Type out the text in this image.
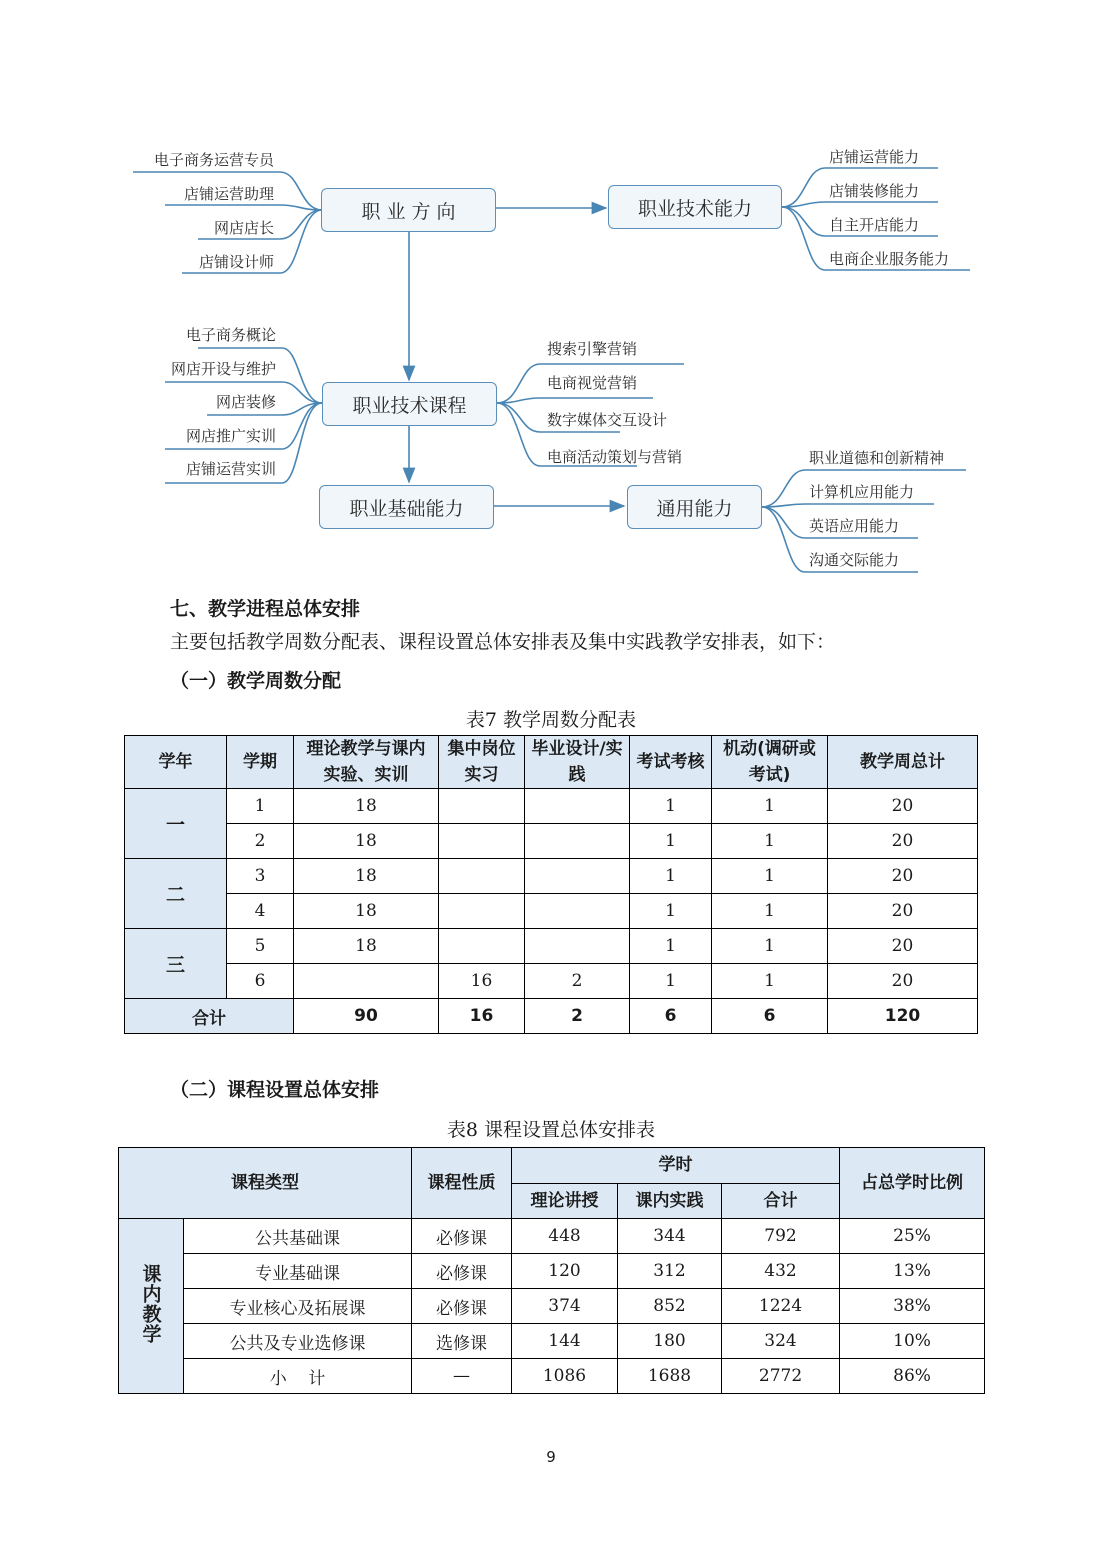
职 业 方 向	职业技术能力
职业技术课程
职业基础能力	通用能力
电子商务运营专员
店铺运营助理
网店店长
店铺设计师
店铺运营能力
店铺装修能力
自主开店能力
电商企业服务能力
电子商务概论
网店开设与维护
网店装修
网店推广实训
店铺运营实训
搜索引擎营销
电商视觉营销
数字媒体交互设计
电商活动策划与营销	职业道德和创新精神
计算机应用能力
英语应用能力
沟通交际能力
七、教学进程总体安排
主要包括教学周数分配表、课程设置总体安排表及集中实践教学安排表，如下：
（一）教学周数分配
表7 教学周数分配表
学年	学期	理论教学与课内实验、实训	集中岗位实习	毕业设计/实践	考试考核	机动(调研或考试)	教学周总计
一	1	18			1	1	20
	2	18			1	1	20
二	3	18			1	1	20
	4	18			1	1	20
三	5	18			1	1	20
	6		16	2	1	1	20
合计		90	16	2	6	6	120
（二）课程设置总体安排
表8 课程设置总体安排表
课程类型		课程性质	学时			占总学时比例
			理论讲授	课内实践	合计	
课内教学	公共基础课	必修课	448	344	792	25%
	专业基础课	必修课	120	312	432	13%
	专业核心及拓展课	必修课	374	852	1224	38%
	公共及专业选修课	选修课	144	180	324	10%
	小    计	—	1086	1688	2772	86%
9
